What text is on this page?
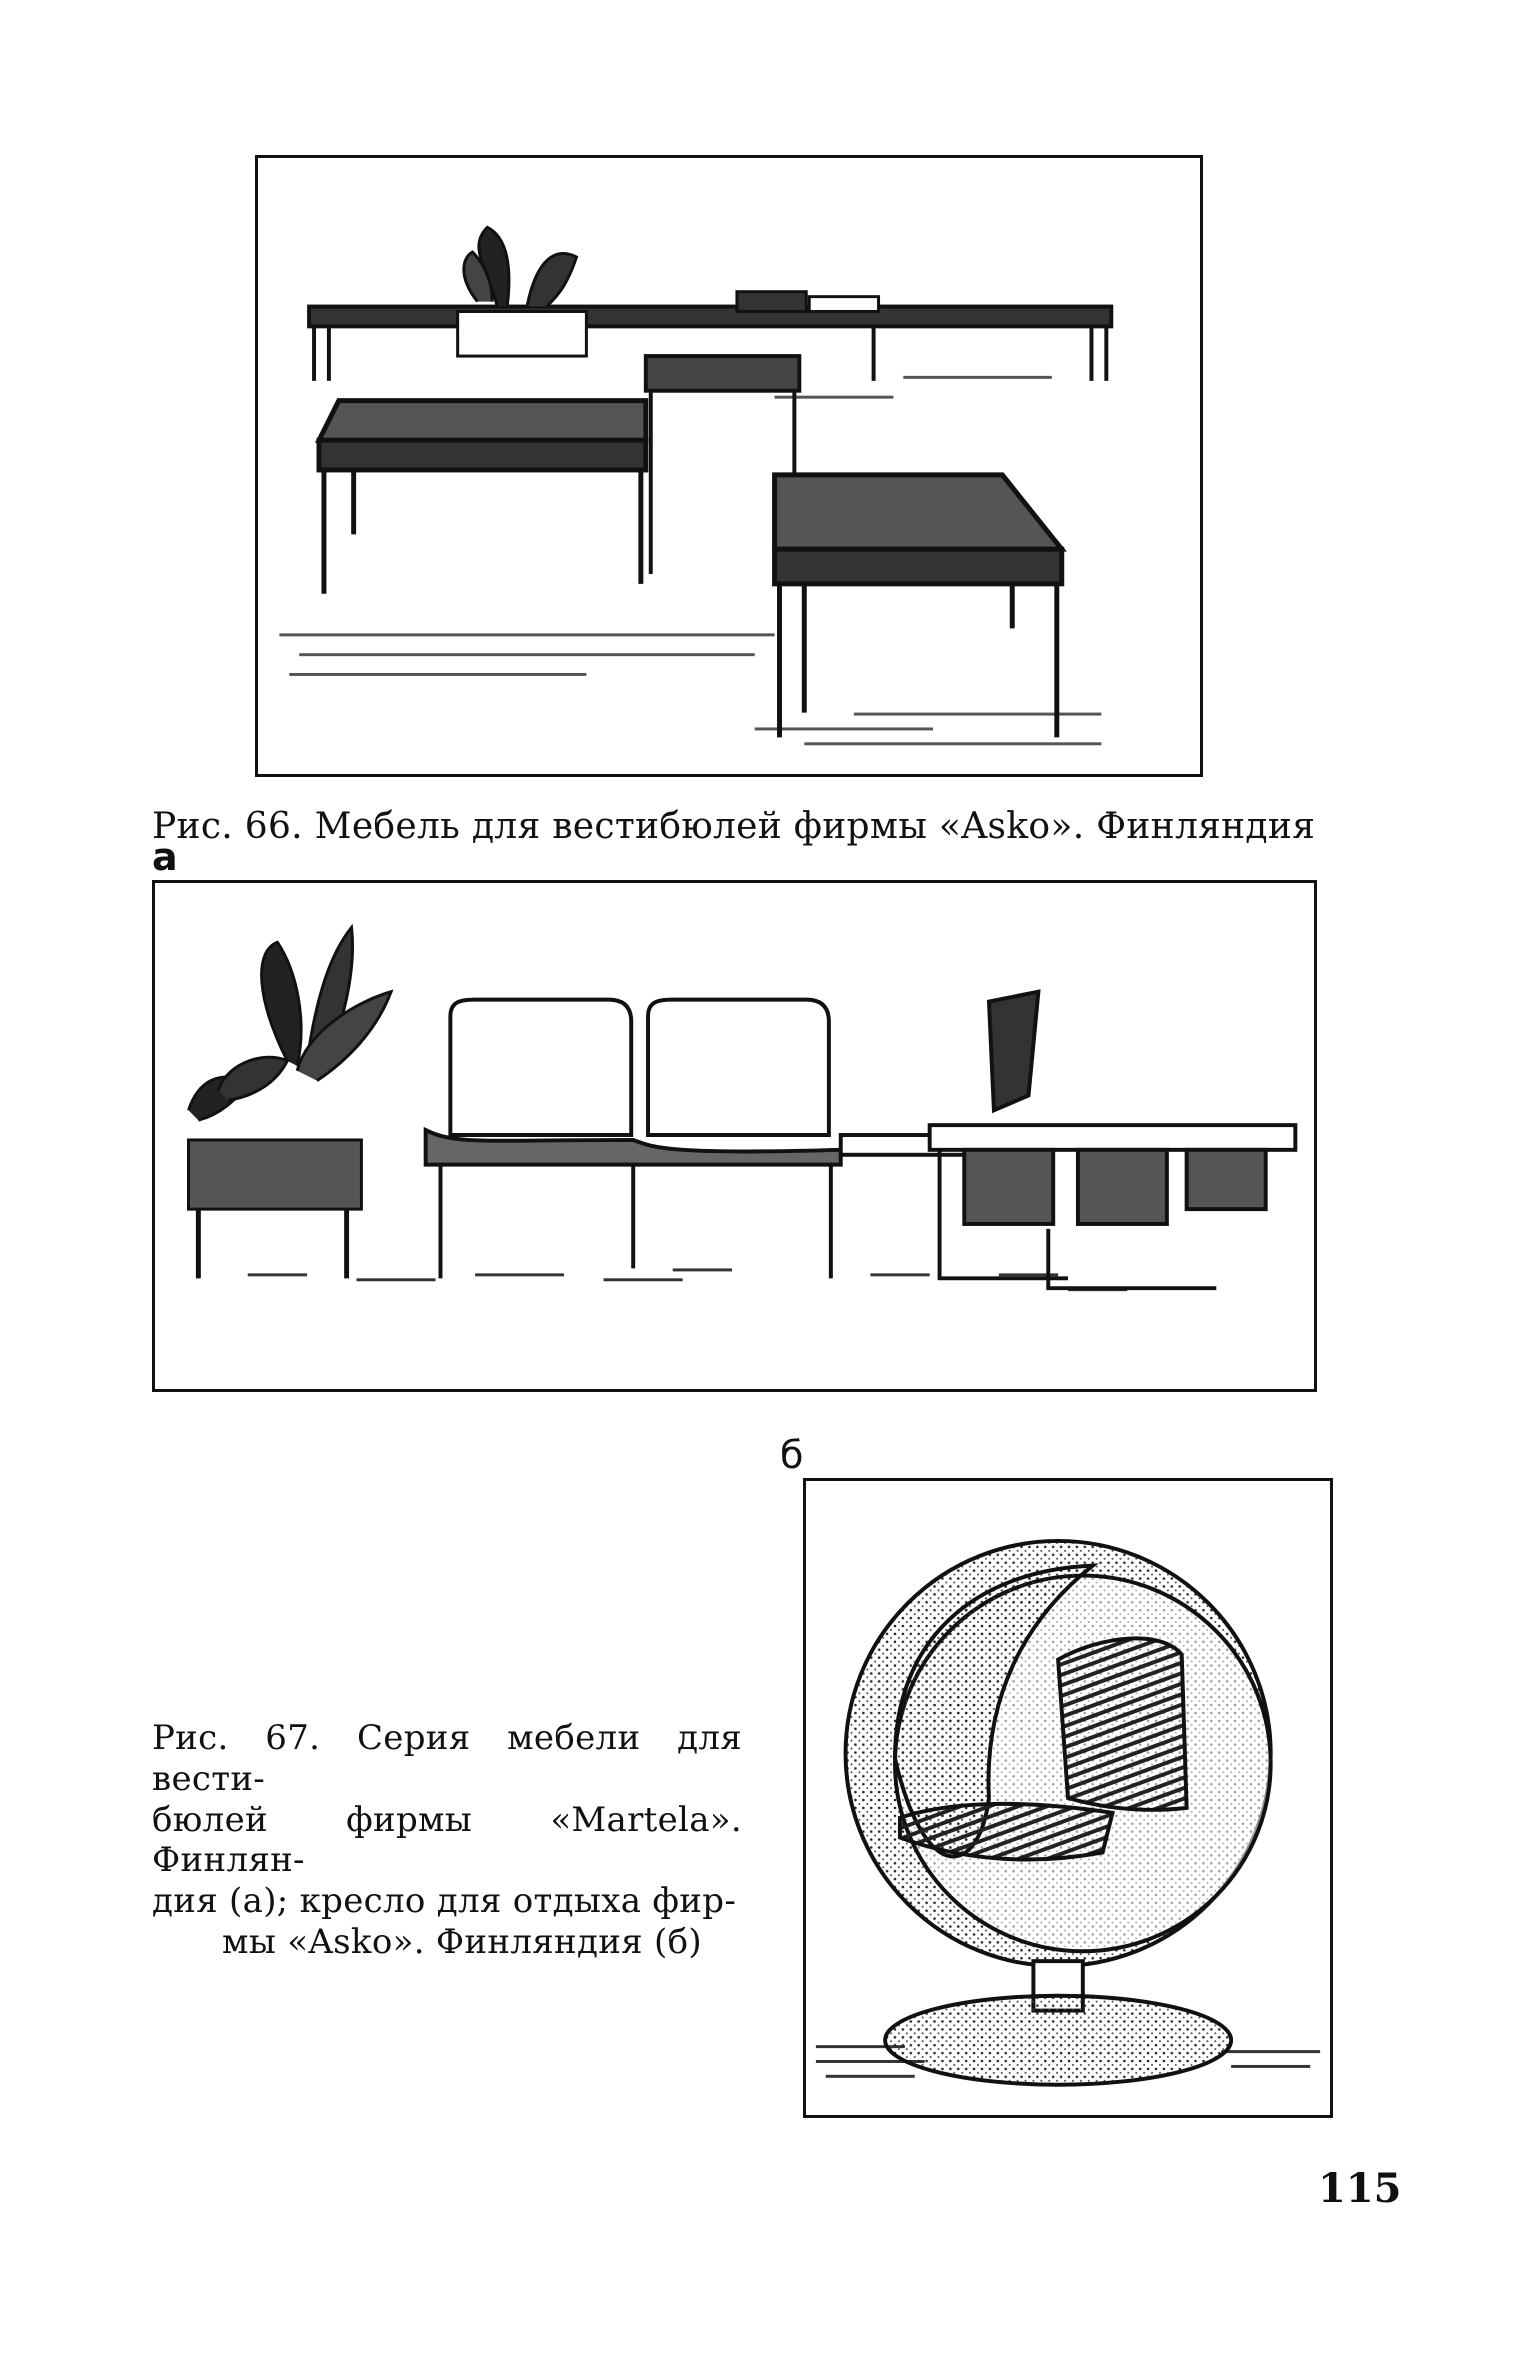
Рис. 66. Мебель для вестибюлей фирмы «Asko». Финляндия
а
б
Рис. 67. Серия мебели для вести-
бюлей фирмы «Martela». Финлян-
дия (а); кресло для отдыха фир-
мы «Asko». Финляндия (б)
115
